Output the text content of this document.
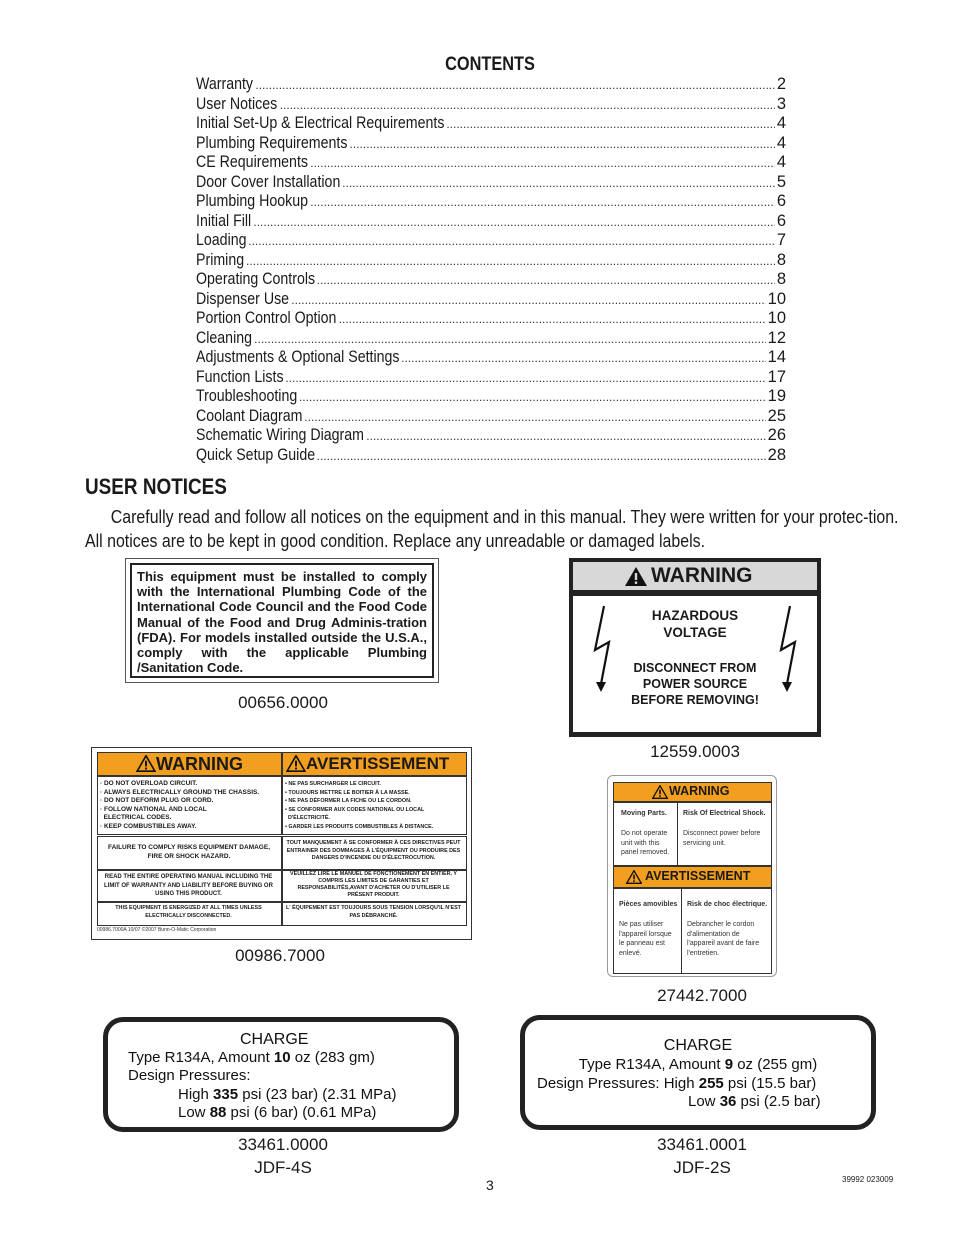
CONTENTS
Warranty .....	2
User Notices .....	3
Initial Set-Up & Electrical Requirements .....	4
Plumbing Requirements .....	4
CE Requirements .....	4
Door Cover Installation .....	5
Plumbing Hookup .....	6
Initial Fill .....	6
Loading .....	7
Priming .....	8
Operating Controls .....	8
Dispenser Use .....	10
Portion Control Option .....	10
Cleaning .....	12
Adjustments & Optional Settings .....	14
Function Lists .....	17
Troubleshooting .....	19
Coolant Diagram .....	25
Schematic Wiring Diagram .....	26
Quick Setup Guide .....	28
USER NOTICES
Carefully read and follow all notices on the equipment and in this manual. They were written for your protec-tion. All notices are to be kept in good condition. Replace any unreadable or damaged labels.
This equipment must be installed to comply with the International Plumbing Code of the International Code Council and the Food Code Manual of the Food and Drug Adminis-tration (FDA). For models installed outside the U.S.A., comply with the applicable Plumbing /Sanitation Code.
00656.0000
WARNING
HAZARDOUS
VOLTAGE
DISCONNECT FROM
POWER SOURCE
BEFORE REMOVING!
12559.0003
WARNING	AVERTISSEMENT
· DO NOT OVERLOAD CIRCUIT.
· ALWAYS ELECTRICALLY GROUND THE CHASSIS.
· DO NOT DEFORM PLUG OR CORD.
· FOLLOW NATIONAL AND LOCAL
ELECTRICAL CODES.
· KEEP COMBUSTIBLES AWAY.
• NE PAS SURCHARGER LE CIRCUIT.
• TOUJOURS METTRE LE BOITIER À LA MASSE.
• NE PAS DÉFORMER LA FICHE OU LE CORDON.
• SE CONFORMER AUX CODES NATIONAL OU LOCAL
D'ÉLECTRICITÉ.
• GARDER LES PRODUITS COMBUSTIBLES À DISTANCE.
FAILURE TO COMPLY RISKS EQUIPMENT DAMAGE, FIRE OR SHOCK HAZARD.
TOUT MANQUEMENT À SE CONFORMER À CES DIRECTIVES PEUT ENTRAINER DES DOMMAGES À L'ÉQUIPMENT OU PRODUIRE DES DANGERS D'INCENDIE OU D'ÉLECTROCUTION.
READ THE ENTIRE OPERATING MANUAL INCLUDING THE LIMIT OF WARRANTY AND LIABILITY BEFORE BUYING OR USING THIS PRODUCT.
VEUILLEZ LIRE LE MANUEL DE FONCTIONEMENT EN ENTIER, Y COMPRIS LES LIMITES DE GARANTIES ET RESPONSABILITÉS,AVANT D'ACHETER OU D'UTILISER LE PRÉSENT PRODUIT.
THIS EQUIPMENT IS ENERGIZED AT ALL TIMES UNLESS ELECTRICALLY DISCONNECTED.
L' ÉQUIPEMENT EST TOUJOURS SOUS TENSION LORSQU'IL N'EST PAS DÉBRANCHÉ.
00986.7000A 10/07 ©2007 Bunn-O-Matic Corporation
00986.7000
WARNING
Moving Parts.
Do not operate unit with this panel removed.
Risk Of Electrical Shock.
Disconnect power before servicing unit.
AVERTISSEMENT
Pièces amovibles
Ne pas utiliser l'appareil lorsque le panneau est enlevé.
Risk de choc électrique.
Debrancher le cordon d'alimentation de l'appareil avant de faire l'entretien.
27442.7000
CHARGE
Type R134A, Amount 10 oz (283 gm)
Design Pressures:
High 335 psi (23 bar) (2.31 MPa)
Low 88 psi (6 bar) (0.61 MPa)
33461.0000
JDF-4S
CHARGE
Type R134A, Amount 9 oz (255 gm)
Design Pressures: High 255 psi (15.5 bar)
Low 36 psi (2.5 bar)
33461.0001
JDF-2S
3	39992 023009
